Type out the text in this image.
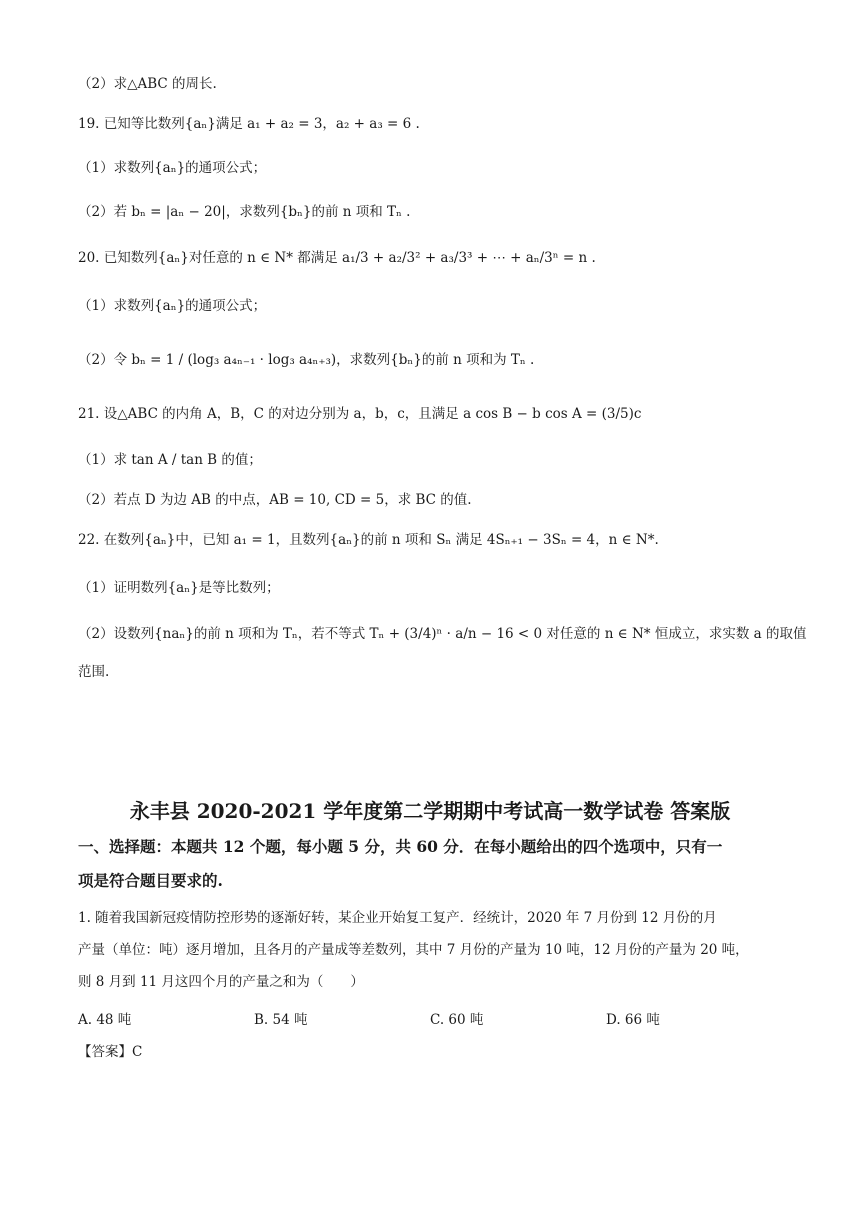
（2）求△ABC 的周长.
19. 已知等比数列{aₙ}满足 a₁ + a₂ = 3，a₂ + a₃ = 6 .
（1）求数列{aₙ}的通项公式；
（2）若 bₙ = |aₙ − 20|，求数列{bₙ}的前 n 项和 Tₙ .
20. 已知数列{aₙ}对任意的 n ∈ N* 都满足 a₁/3 + a₂/3² + a₃/3³ + ⋯ + aₙ/3ⁿ = n .
（1）求数列{aₙ}的通项公式；
（2）令 bₙ = 1 / (log₃ a₄ₙ₋₁ · log₃ a₄ₙ₊₃)，求数列{bₙ}的前 n 项和为 Tₙ .
21. 设△ABC 的内角 A，B，C 的对边分别为 a，b，c，且满足 a cos B − b cos A = (3/5)c
（1）求 tan A / tan B 的值；
（2）若点 D 为边 AB 的中点，AB = 10, CD = 5，求 BC 的值.
22. 在数列{aₙ}中，已知 a₁ = 1，且数列{aₙ}的前 n 项和 Sₙ 满足 4Sₙ₊₁ − 3Sₙ = 4，n ∈ N*.
（1）证明数列{aₙ}是等比数列；
（2）设数列{naₙ}的前 n 项和为 Tₙ，若不等式 Tₙ + (3/4)ⁿ · a/n − 16 < 0 对任意的 n ∈ N* 恒成立，求实数 a 的取值
范围.
永丰县 2020-2021 学年度第二学期期中考试高一数学试卷 答案版
一、选择题：本题共 12 个题，每小题 5 分，共 60 分．在每小题给出的四个选项中，只有一
项是符合题目要求的.
1. 随着我国新冠疫情防控形势的逐渐好转，某企业开始复工复产．经统计，2020 年 7 月份到 12 月份的月
产量（单位：吨）逐月增加，且各月的产量成等差数列，其中 7 月份的产量为 10 吨，12 月份的产量为 20 吨，
则 8 月到 11 月这四个月的产量之和为（　　）
A. 48 吨	B. 54 吨	C. 60 吨	D. 66 吨
【答案】C
